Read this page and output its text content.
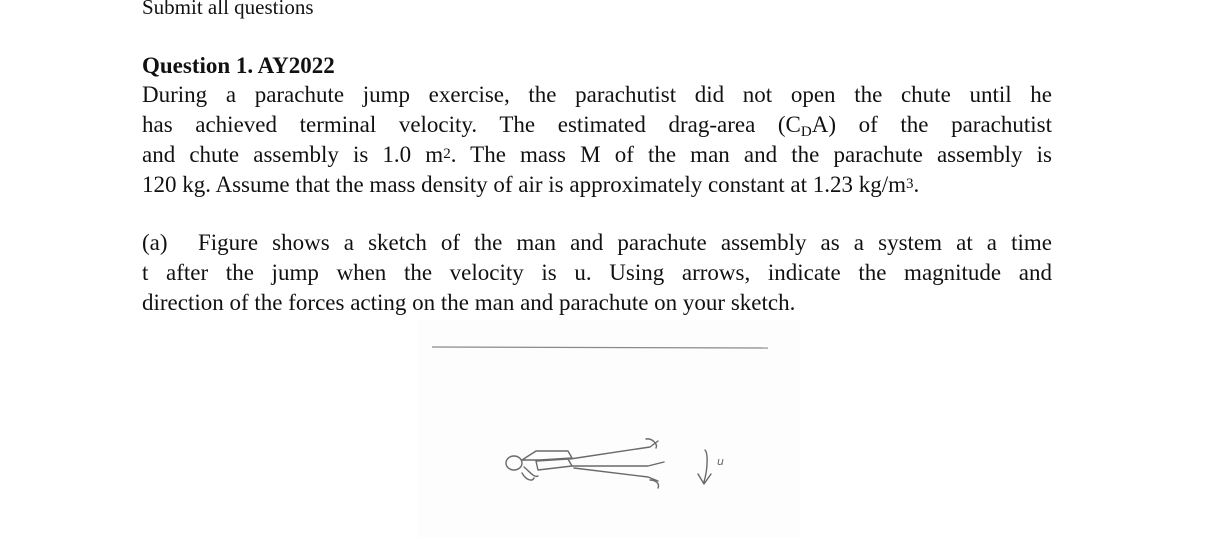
Submit all questions
Question 1. AY2022
During a parachute jump exercise, the parachutist did not open the chute until he
has achieved terminal velocity. The estimated drag-area $(C_DA)$ of the parachutist
and chute assembly is 1.0 $m^2$. The mass M of the man and the parachute assembly is
120 kg. Assume that the mass density of air is approximately constant at 1.23 $kg/m^3$.
(a) Figure shows a sketch of the man and parachute assembly as a system at a time
t after the jump when the velocity is u. Using arrows, indicate the magnitude and
direction of the forces acting on the man and parachute on your sketch.
u
